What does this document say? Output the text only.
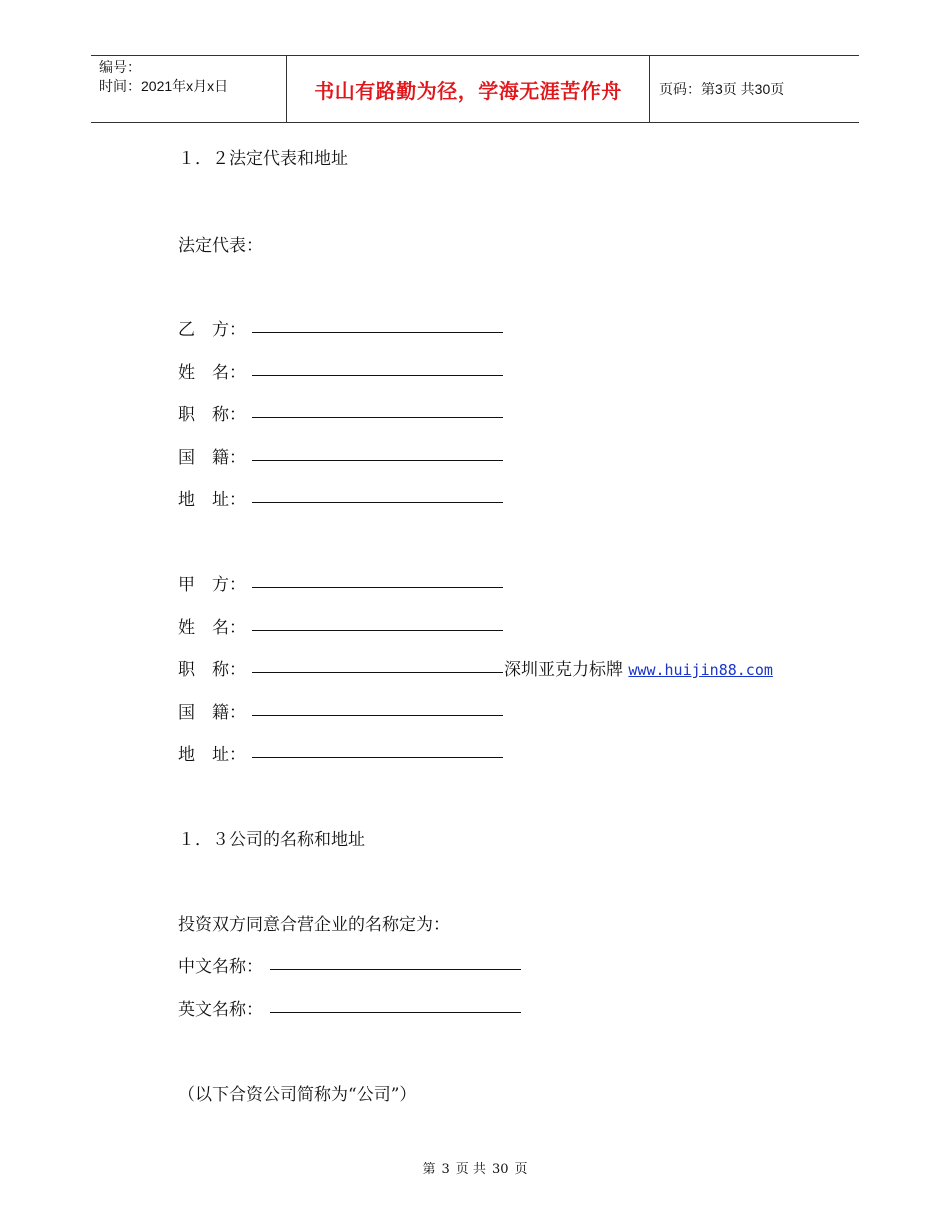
编号：
时间：2021年x月x日	书山有路勤为径，学海无涯苦作舟	页码：第3页 共30页
１．２法定代表和地址
法定代表：
乙　方：
姓　名：
职　称：
国　籍：
地　址：
甲　方：
姓　名：
职　称：	深圳亚克力标牌 www.huijin88.com
国　籍：
地　址：
１．３公司的名称和地址
投资双方同意合营企业的名称定为：
中文名称：
英文名称：
（以下合资公司简称为“公司”）
第 3 页 共 30 页
